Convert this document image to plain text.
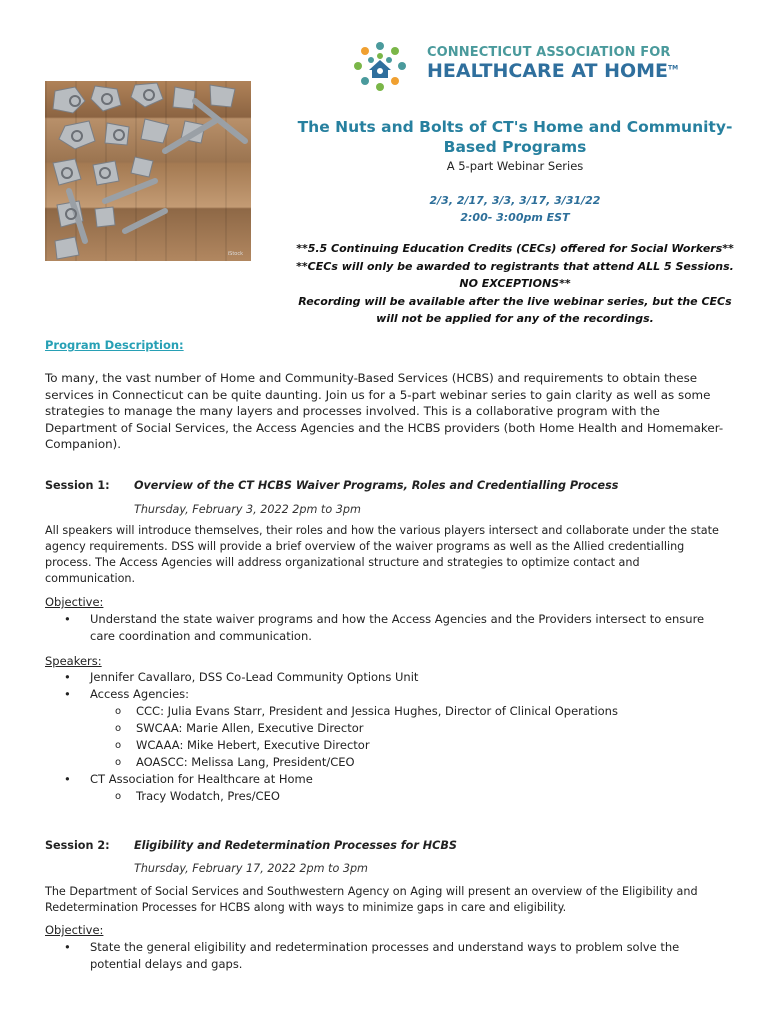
iStock
CONNECTICUT ASSOCIATION FOR
HEALTHCARE AT HOME™
The Nuts and Bolts of CT's Home and Community-
Based Programs
A 5-part Webinar Series
2/3, 2/17, 3/3, 3/17, 3/31/22
2:00- 3:00pm EST
**5.5 Continuing Education Credits (CECs) offered for Social Workers**
**CECs will only be awarded to registrants that attend ALL 5 Sessions.
NO EXCEPTIONS**
Recording will be available after the live webinar series, but the CECs
will not be applied for any of the recordings.
Program Description:
To many, the vast number of Home and Community-Based Services (HCBS) and requirements to obtain these services in Connecticut can be quite daunting. Join us for a 5-part webinar series to gain clarity as well as some strategies to manage the many layers and processes involved. This is a collaborative program with the Department of Social Services, the Access Agencies and the HCBS providers (both Home Health and Homemaker-Companion).
Session 1: Overview of the CT HCBS Waiver Programs, Roles and Credentialling Process
Thursday, February 3, 2022 2pm to 3pm
All speakers will introduce themselves, their roles and how the various players intersect and collaborate under the state agency requirements. DSS will provide a brief overview of the waiver programs as well as the Allied credentialling process. The Access Agencies will address organizational structure and strategies to optimize contact and communication.
Objective:
• Understand the state waiver programs and how the Access Agencies and the Providers intersect to ensure care coordination and communication.
Speakers:
• Jennifer Cavallaro, DSS Co-Lead Community Options Unit
• Access Agencies:
o CCC: Julia Evans Starr, President and Jessica Hughes, Director of Clinical Operations
o SWCAA: Marie Allen, Executive Director
o WCAAA: Mike Hebert, Executive Director
o AOASCC: Melissa Lang, President/CEO
• CT Association for Healthcare at Home
o Tracy Wodatch, Pres/CEO
Session 2: Eligibility and Redetermination Processes for HCBS
Thursday, February 17, 2022 2pm to 3pm
The Department of Social Services and Southwestern Agency on Aging will present an overview of the Eligibility and Redetermination Processes for HCBS along with ways to minimize gaps in care and eligibility.
Objective:
• State the general eligibility and redetermination processes and understand ways to problem solve the potential delays and gaps.
